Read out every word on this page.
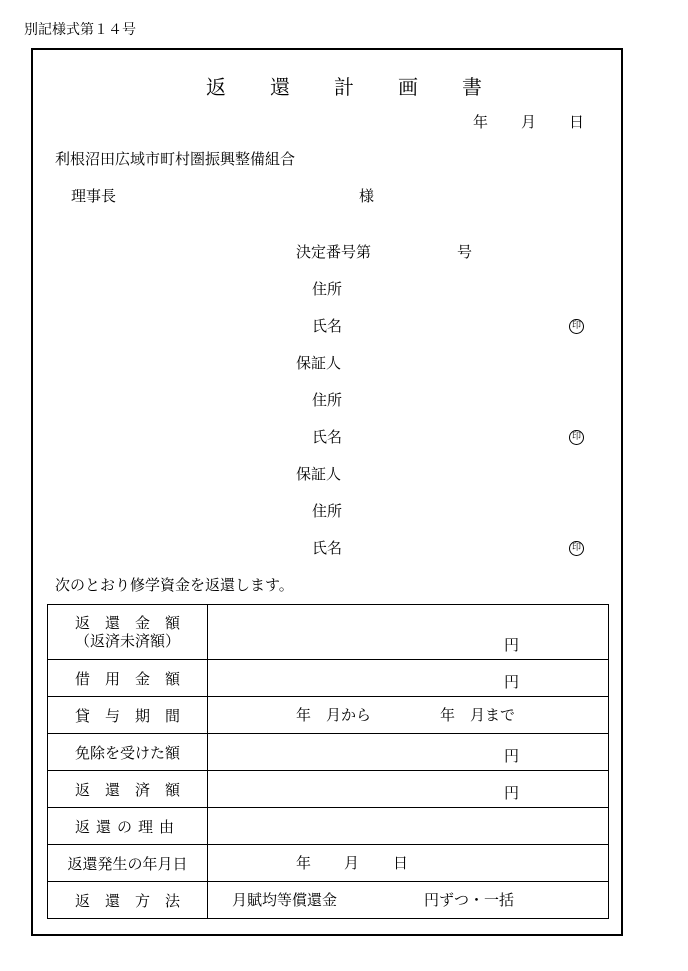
別記様式第１４号
返還計画書
年 月 日
利根沼田広域市町村圏振興整備組合
理事長	様
決定番号第	号
住所
氏名	印
保証人
住所
氏名	印
保証人
住所
氏名	印
次のとおり修学資金を返還します。
返　還　金　額
（返済未済額）	円

借　用　金　額	円

貸　与　期　間	年　月から 年　月まで

免除を受けた額	円

返　還　済　額	円

返還の理由	
返還発生の年月日	年 月 日

返　還　方　法	月賦均等償還金 円ずつ・一括
